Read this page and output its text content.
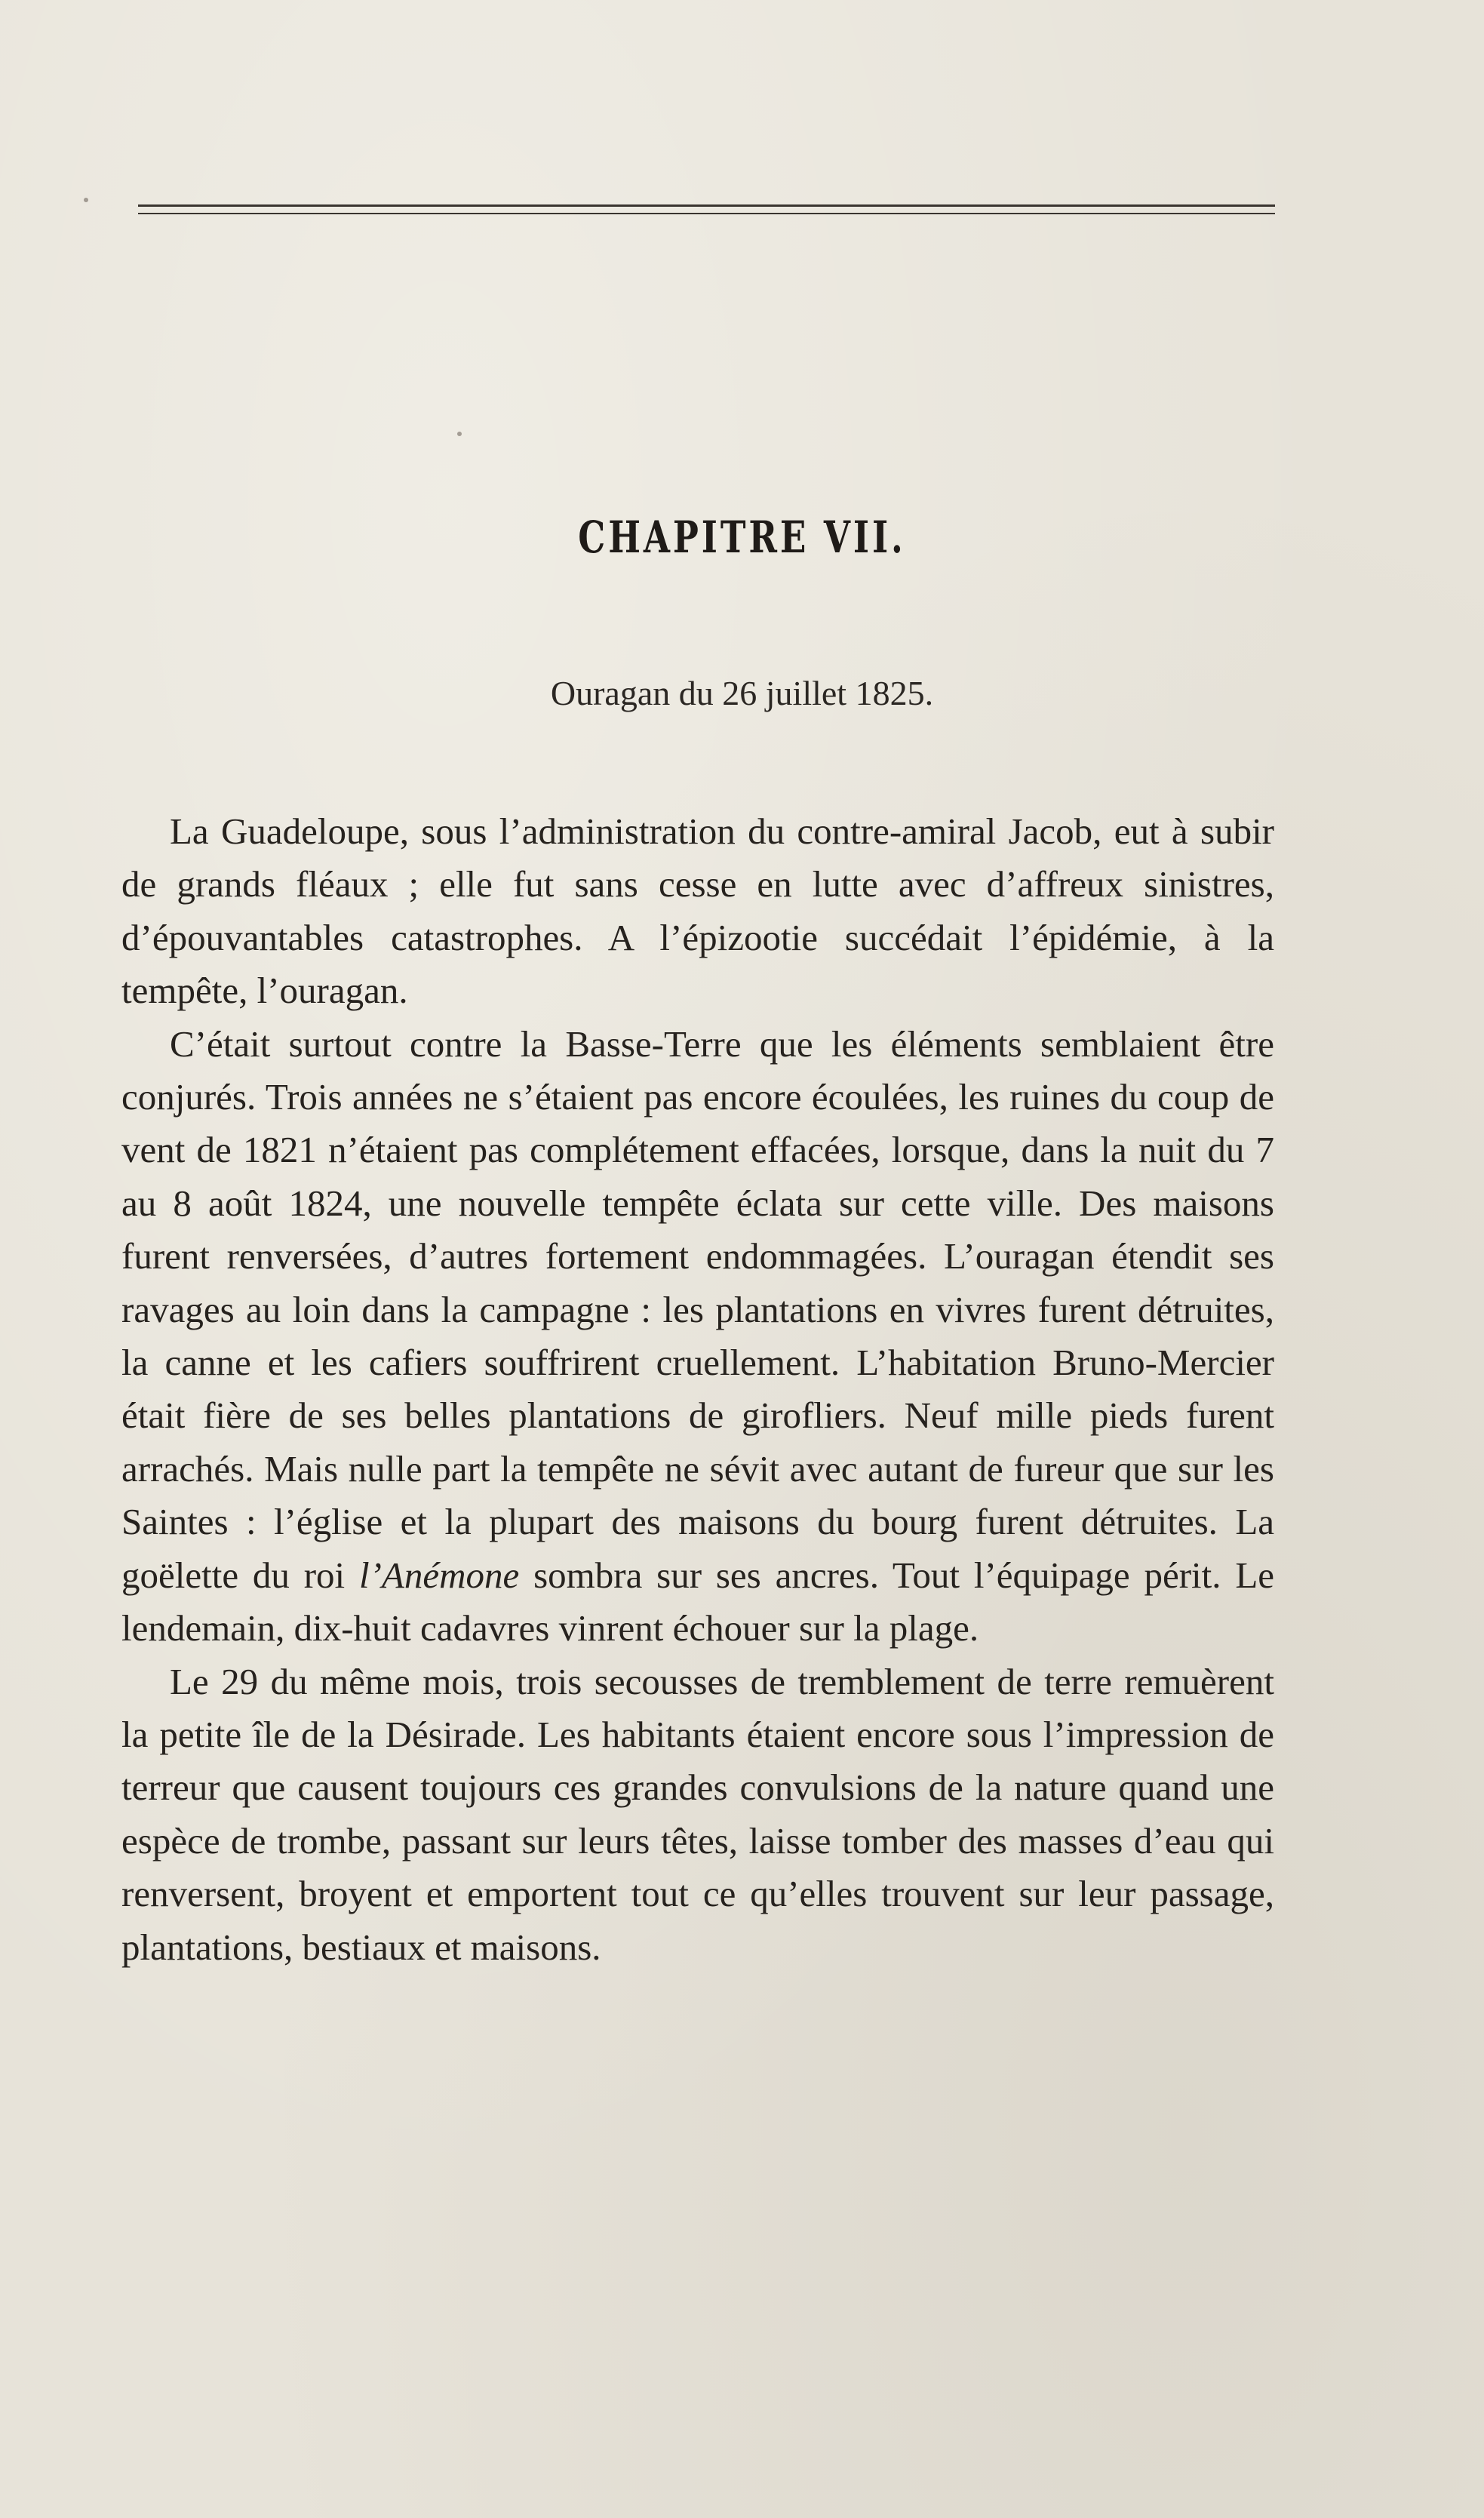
CHAPITRE VII.
Ouragan du 26 juillet 1825.

La Guadeloupe, sous l’administration du contre-amiral Jacob, eut à subir de grands fléaux ; elle fut sans cesse en lutte avec d’affreux sinistres, d’épouvantables catastrophes. A l’épizootie succédait l’épidémie, à la tempête, l’ouragan.

C’était surtout contre la Basse-Terre que les éléments semblaient être conjurés. Trois années ne s’étaient pas encore écoulées, les ruines du coup de vent de 1821 n’étaient pas complétement effacées, lorsque, dans la nuit du 7 au 8 août 1824, une nouvelle tempête éclata sur cette ville. Des maisons furent renversées, d’autres fortement endommagées. L’ouragan étendit ses ravages au loin dans la campagne : les plantations en vivres furent détruites, la canne et les cafiers souffrirent cruellement. L’habitation Bruno-Mercier était fière de ses belles plantations de girofliers. Neuf mille pieds furent arrachés. Mais nulle part la tempête ne sévit avec autant de fureur que sur les Saintes : l’église et la plupart des maisons du bourg furent détruites. La goëlette du roi l’Anémone sombra sur ses ancres. Tout l’équipage périt. Le lendemain, dix-huit cadavres vinrent échouer sur la plage.

Le 29 du même mois, trois secousses de tremblement de terre remuèrent la petite île de la Désirade. Les habitants étaient encore sous l’impression de terreur que causent toujours ces grandes convulsions de la nature quand une espèce de trombe, passant sur leurs têtes, laisse tomber des masses d’eau qui renversent, broyent et emportent tout ce qu’elles trouvent sur leur passage, plantations, bestiaux et maisons.
